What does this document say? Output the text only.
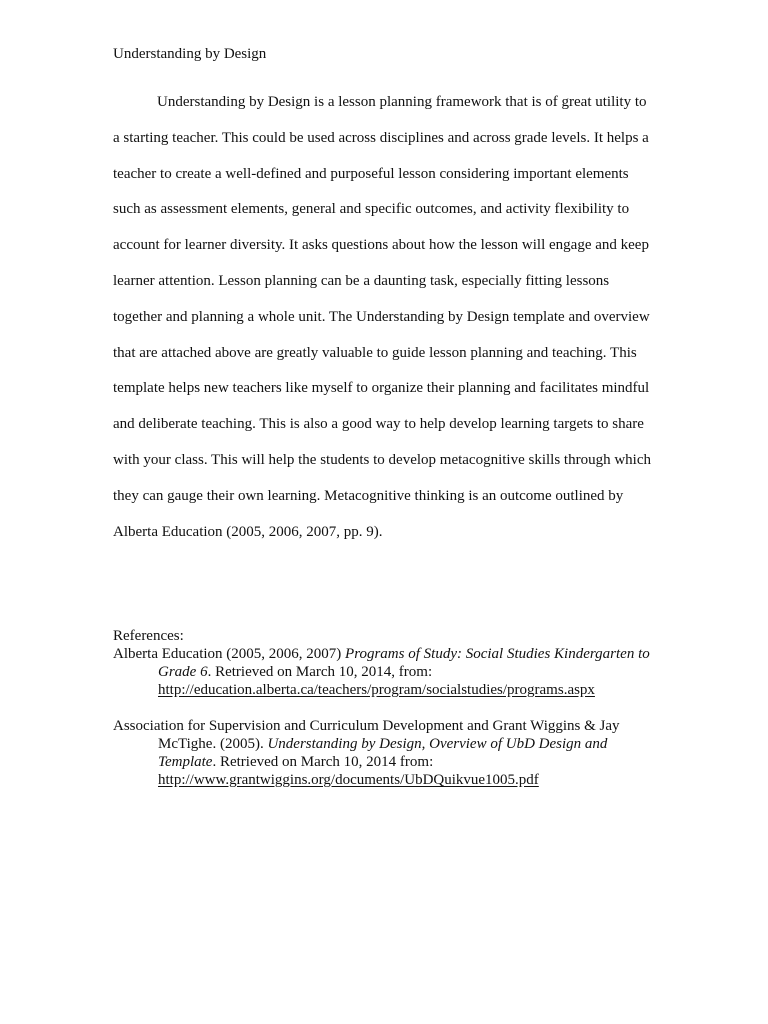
Understanding by Design
Understanding by Design is a lesson planning framework that is of great utility to
a starting teacher. This could be used across disciplines and across grade levels. It helps a
teacher to create a well-defined and purposeful lesson considering important elements
such as assessment elements, general and specific outcomes, and activity flexibility to
account for learner diversity. It asks questions about how the lesson will engage and keep
learner attention. Lesson planning can be a daunting task, especially fitting lessons
together and planning a whole unit. The Understanding by Design template and overview
that are attached above are greatly valuable to guide lesson planning and teaching. This
template helps new teachers like myself to organize their planning and facilitates mindful
and deliberate teaching. This is also a good way to help develop learning targets to share
with your class. This will help the students to develop metacognitive skills through which
they can gauge their own learning. Metacognitive thinking is an outcome outlined by
Alberta Education (2005, 2006, 2007, pp. 9).
References:
Alberta Education (2005, 2006, 2007) Programs of Study: Social Studies Kindergarten to
Grade 6. Retrieved on March 10, 2014, from:
http://education.alberta.ca/teachers/program/socialstudies/programs.aspx
Association for Supervision and Curriculum Development and Grant Wiggins & Jay
McTighe. (2005). Understanding by Design, Overview of UbD Design and
Template. Retrieved on March 10, 2014 from:
http://www.grantwiggins.org/documents/UbDQuikvue1005.pdf
